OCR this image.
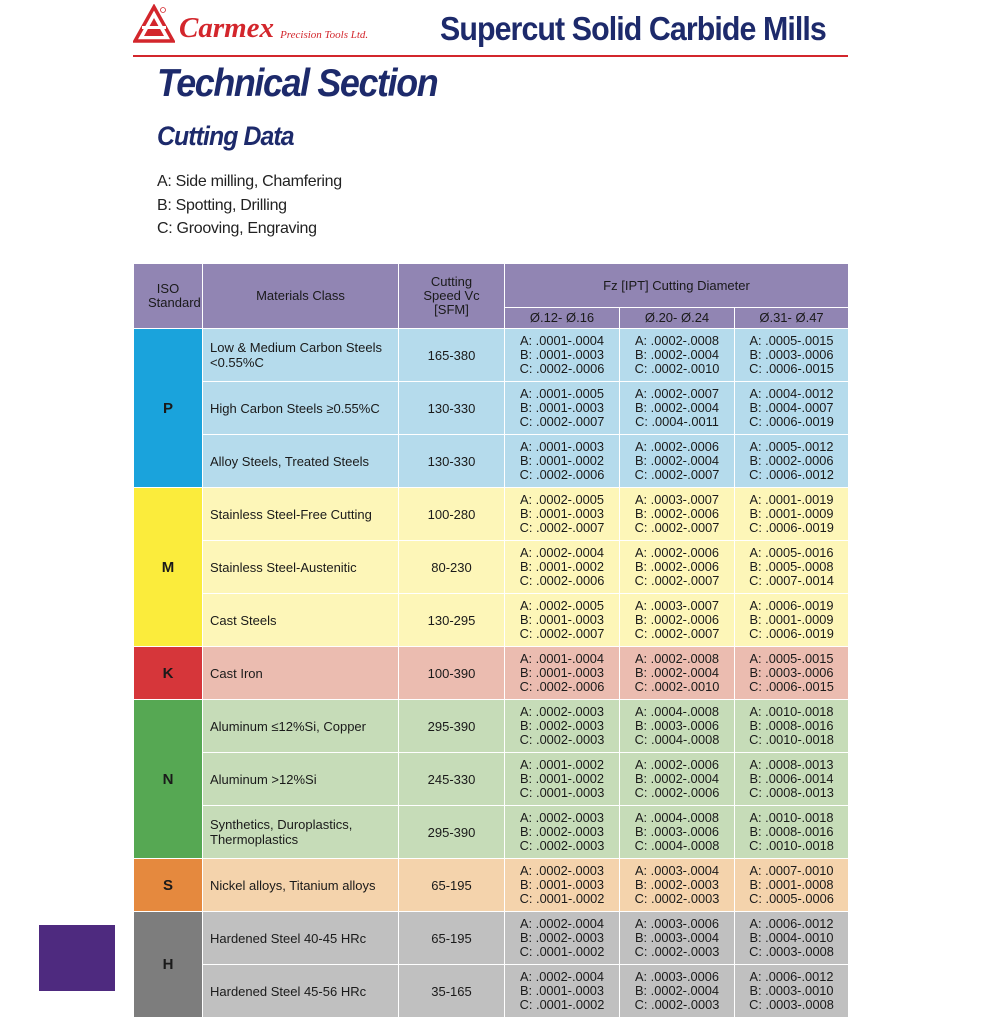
Carmex Precision Tools Ltd. Supercut Solid Carbide Mills
Technical Section
Cutting Data
A: Side milling, Chamfering
B: Spotting, Drilling
C: Grooving, Engraving
ISO Standard	Materials Class	Cutting Speed Vc [SFM]	Fz [IPT] Cutting Diameter		
			Ø.12- Ø.16	Ø.20- Ø.24	Ø.31- Ø.47
P	Low & Medium Carbon Steels <0.55%C	165-380	A: .0001-.0004
B: .0001-.0003
C: .0002-.0006	A: .0002-.0008
B: .0002-.0004
C: .0002-.0010	A: .0005-.0015
B: .0003-.0006
C: .0006-.0015

	High Carbon Steels ≥0.55%C	130-330	A: .0001-.0005
B: .0001-.0003
C: .0002-.0007	A: .0002-.0007
B: .0002-.0004
C: .0004-.0011	A: .0004-.0012
B: .0004-.0007
C: .0006-.0019

	Alloy Steels, Treated Steels	130-330	A: .0001-.0003
B: .0001-.0002
C: .0002-.0006	A: .0002-.0006
B: .0002-.0004
C: .0002-.0007	A: .0005-.0012
B: .0002-.0006
C: .0006-.0012

M	Stainless Steel-Free Cutting	100-280	A: .0002-.0005
B: .0001-.0003
C: .0002-.0007	A: .0003-.0007
B: .0002-.0006
C: .0002-.0007	A: .0001-.0019
B: .0001-.0009
C: .0006-.0019

	Stainless Steel-Austenitic	80-230	A: .0002-.0004
B: .0001-.0002
C: .0002-.0006	A: .0002-.0006
B: .0002-.0006
C: .0002-.0007	A: .0005-.0016
B: .0005-.0008
C: .0007-.0014

	Cast Steels	130-295	A: .0002-.0005
B: .0001-.0003
C: .0002-.0007	A: .0003-.0007
B: .0002-.0006
C: .0002-.0007	A: .0006-.0019
B: .0001-.0009
C: .0006-.0019

K	Cast Iron	100-390	A: .0001-.0004
B: .0001-.0003
C: .0002-.0006	A: .0002-.0008
B: .0002-.0004
C: .0002-.0010	A: .0005-.0015
B: .0003-.0006
C: .0006-.0015

N	Aluminum ≤12%Si, Copper	295-390	A: .0002-.0003
B: .0002-.0003
C: .0002-.0003	A: .0004-.0008
B: .0003-.0006
C: .0004-.0008	A: .0010-.0018
B: .0008-.0016
C: .0010-.0018

	Aluminum >12%Si	245-330	A: .0001-.0002
B: .0001-.0002
C: .0001-.0003	A: .0002-.0006
B: .0002-.0004
C: .0002-.0006	A: .0008-.0013
B: .0006-.0014
C: .0008-.0013

	Synthetics, Duroplastics, Thermoplastics	295-390	A: .0002-.0003
B: .0002-.0003
C: .0002-.0003	A: .0004-.0008
B: .0003-.0006
C: .0004-.0008	A: .0010-.0018
B: .0008-.0016
C: .0010-.0018

S	Nickel alloys, Titanium alloys	65-195	A: .0002-.0003
B: .0001-.0003
C: .0001-.0002	A: .0003-.0004
B: .0002-.0003
C: .0002-.0003	A: .0007-.0010
B: .0001-.0008
C: .0005-.0006

H	Hardened Steel 40-45 HRc	65-195	A: .0002-.0004
B: .0002-.0003
C: .0001-.0002	A: .0003-.0006
B: .0003-.0004
C: .0002-.0003	A: .0006-.0012
B: .0004-.0010
C: .0003-.0008

	Hardened Steel 45-56 HRc	35-165	A: .0002-.0004
B: .0001-.0003
C: .0001-.0002	A: .0003-.0006
B: .0002-.0004
C: .0002-.0003	A: .0006-.0012
B: .0003-.0010
C: .0003-.0008
